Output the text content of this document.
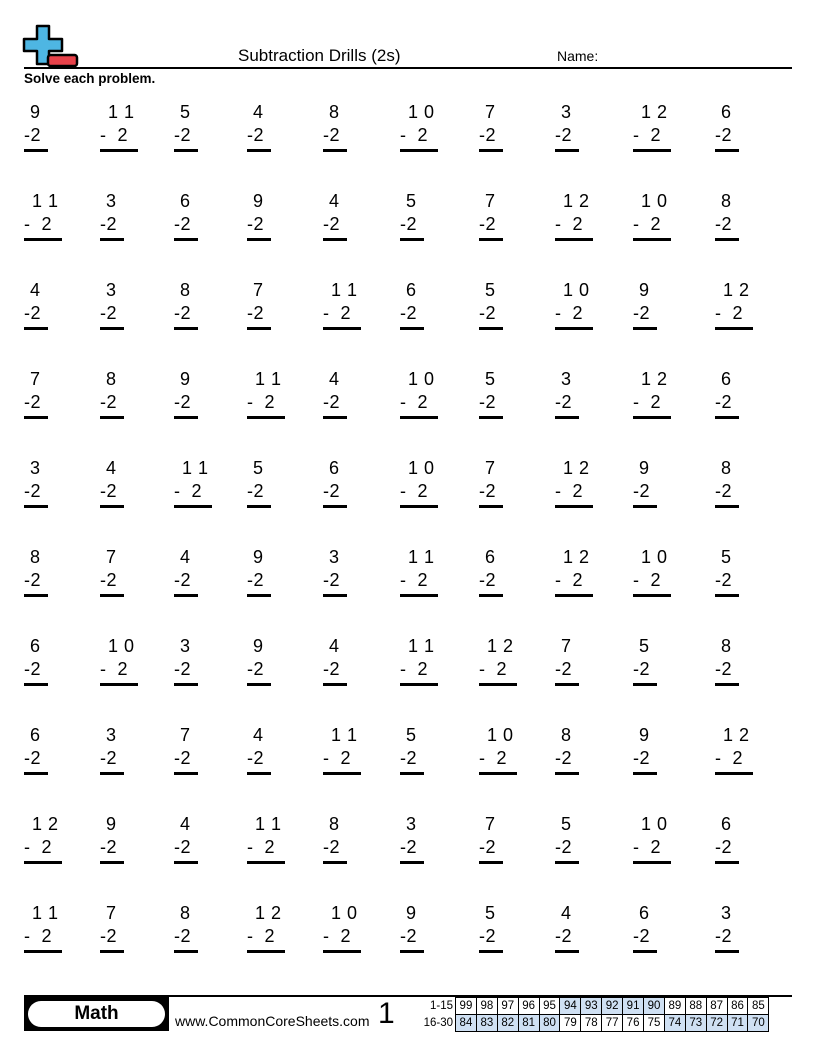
Subtraction Drills (2s)	Name:
Solve each problem.
9
-2
1 1
-  2
5
-2
4
-2
8
-2
1 0
-  2
7
-2
3
-2
1 2
-  2
6
-2
1 1
-  2
3
-2
6
-2
9
-2
4
-2
5
-2
7
-2
1 2
-  2
1 0
-  2
8
-2
4
-2
3
-2
8
-2
7
-2
1 1
-  2
6
-2
5
-2
1 0
-  2
9
-2
1 2
-  2
7
-2
8
-2
9
-2
1 1
-  2
4
-2
1 0
-  2
5
-2
3
-2
1 2
-  2
6
-2
3
-2
4
-2
1 1
-  2
5
-2
6
-2
1 0
-  2
7
-2
1 2
-  2
9
-2
8
-2
8
-2
7
-2
4
-2
9
-2
3
-2
1 1
-  2
6
-2
1 2
-  2
1 0
-  2
5
-2
6
-2
1 0
-  2
3
-2
9
-2
4
-2
1 1
-  2
1 2
-  2
7
-2
5
-2
8
-2
6
-2
3
-2
7
-2
4
-2
1 1
-  2
5
-2
1 0
-  2
8
-2
9
-2
1 2
-  2
1 2
-  2
9
-2
4
-2
1 1
-  2
8
-2
3
-2
7
-2
5
-2
1 0
-  2
6
-2
1 1
-  2
7
-2
8
-2
1 2
-  2
1 0
-  2
9
-2
5
-2
4
-2
6
-2
3
-2
Math	www.CommonCoreSheets.com 1	1-15	99	98	97	96	95	94	93	92	91	90	89	88	87	86	85
16-30	84	83	82	81	80	79	78	77	76	75	74	73	72	71	70
